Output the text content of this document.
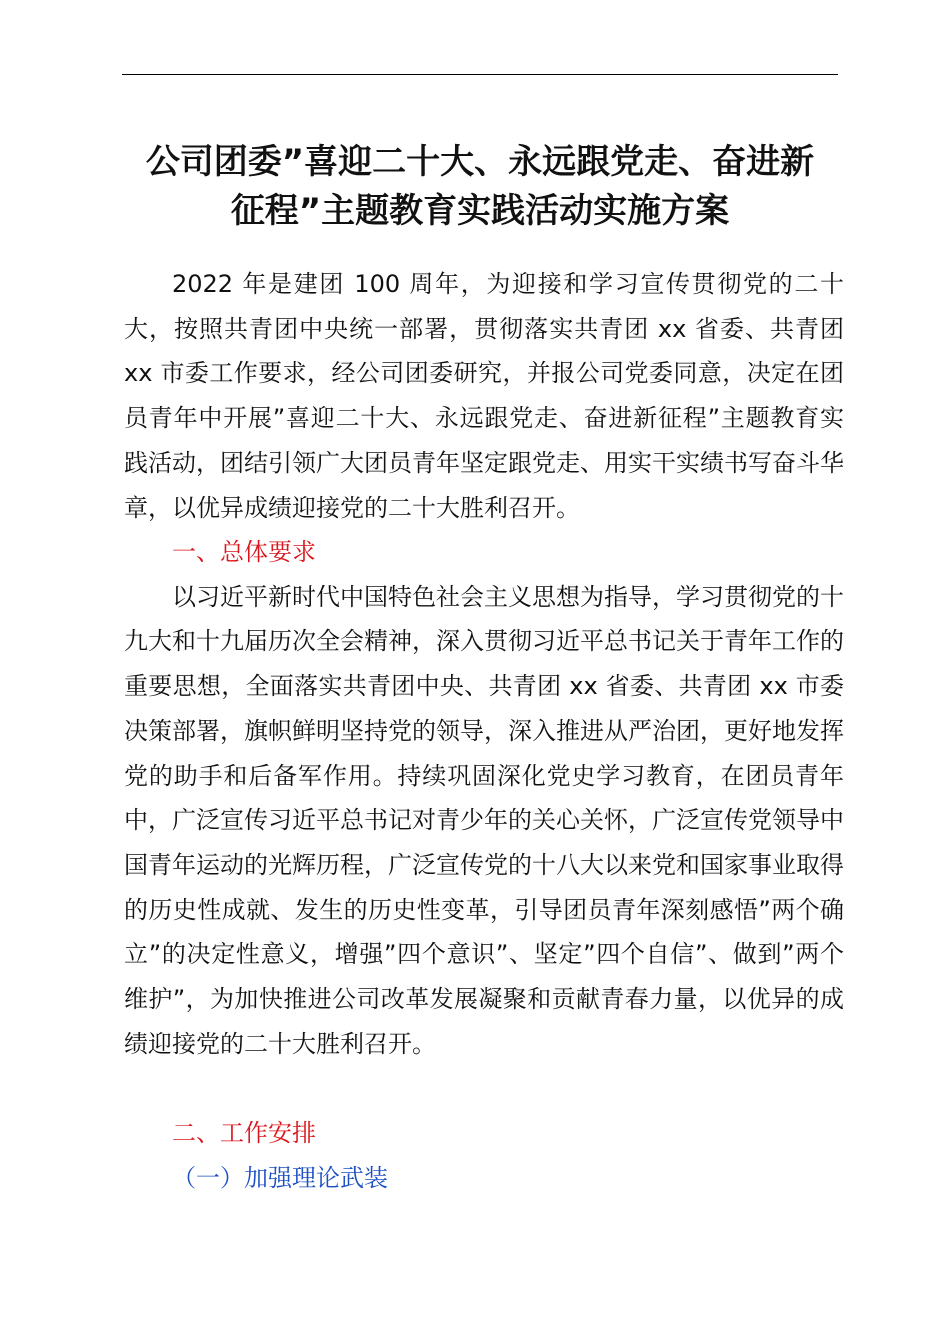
公司团委”喜迎二十大、永远跟党走、奋进新
征程”主题教育实践活动实施方案

2022 年是建团 100 周年，为迎接和学习宣传贯彻党的二十大，按照共青团中央统一部署，贯彻落实共青团 xx 省委、共青团 xx 市委工作要求，经公司团委研究，并报公司党委同意，决定在团员青年中开展”喜迎二十大、永远跟党走、奋进新征程”主题教育实践活动，团结引领广大团员青年坚定跟党走、用实干实绩书写奋斗华章，以优异成绩迎接党的二十大胜利召开。

一、总体要求

以习近平新时代中国特色社会主义思想为指导，学习贯彻党的十九大和十九届历次全会精神，深入贯彻习近平总书记关于青年工作的重要思想，全面落实共青团中央、共青团 xx 省委、共青团 xx 市委决策部署，旗帜鲜明坚持党的领导，深入推进从严治团，更好地发挥党的助手和后备军作用。持续巩固深化党史学习教育，在团员青年中，广泛宣传习近平总书记对青少年的关心关怀，广泛宣传党领导中国青年运动的光辉历程，广泛宣传党的十八大以来党和国家事业取得的历史性成就、发生的历史性变革，引导团员青年深刻感悟”两个确立”的决定性意义，增强”四个意识”、坚定”四个自信”、做到”两个维护”，为加快推进公司改革发展凝聚和贡献青春力量，以优异的成绩迎接党的二十大胜利召开。

二、工作安排

（一）加强理论武装
